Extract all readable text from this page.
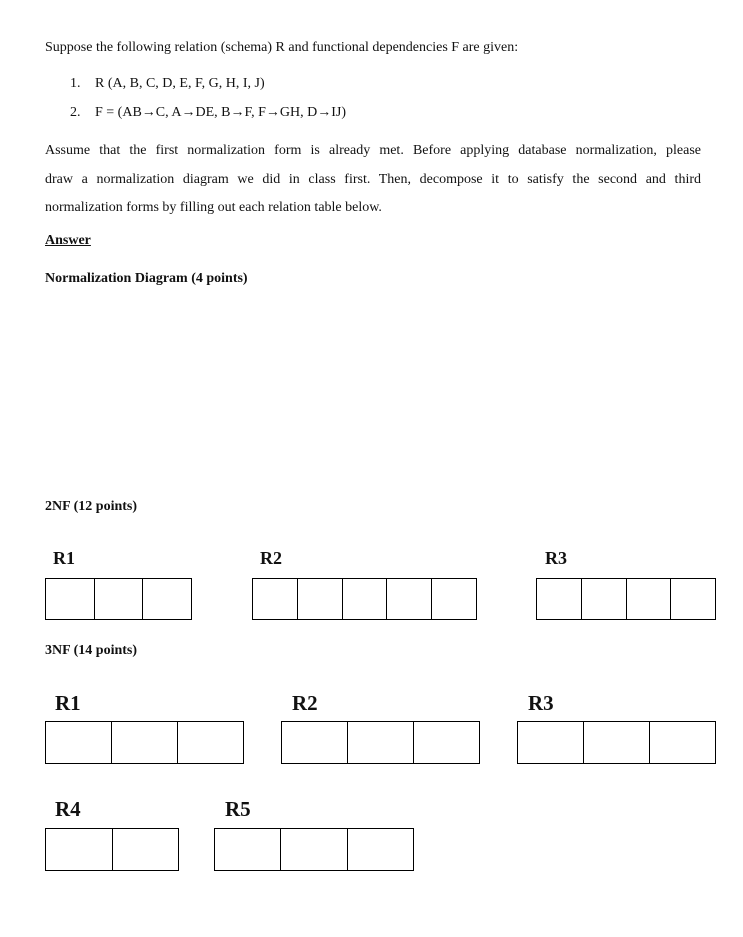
Suppose the following relation (schema) R and functional dependencies F are given:
1. R (A, B, C, D, E, F, G, H, I, J)
2. F = (AB→C, A→DE, B→F, F→GH, D→IJ)
Assume that the first normalization form is already met. Before applying database normalization, please
draw a normalization diagram we did in class first. Then, decompose it to satisfy the second and third
normalization forms by filling out each relation table below.
Answer
Normalization Diagram (4 points)
2NF (12 points)
R1	R2	R3
3NF (14 points)
R1	R2	R3
R4	R5
